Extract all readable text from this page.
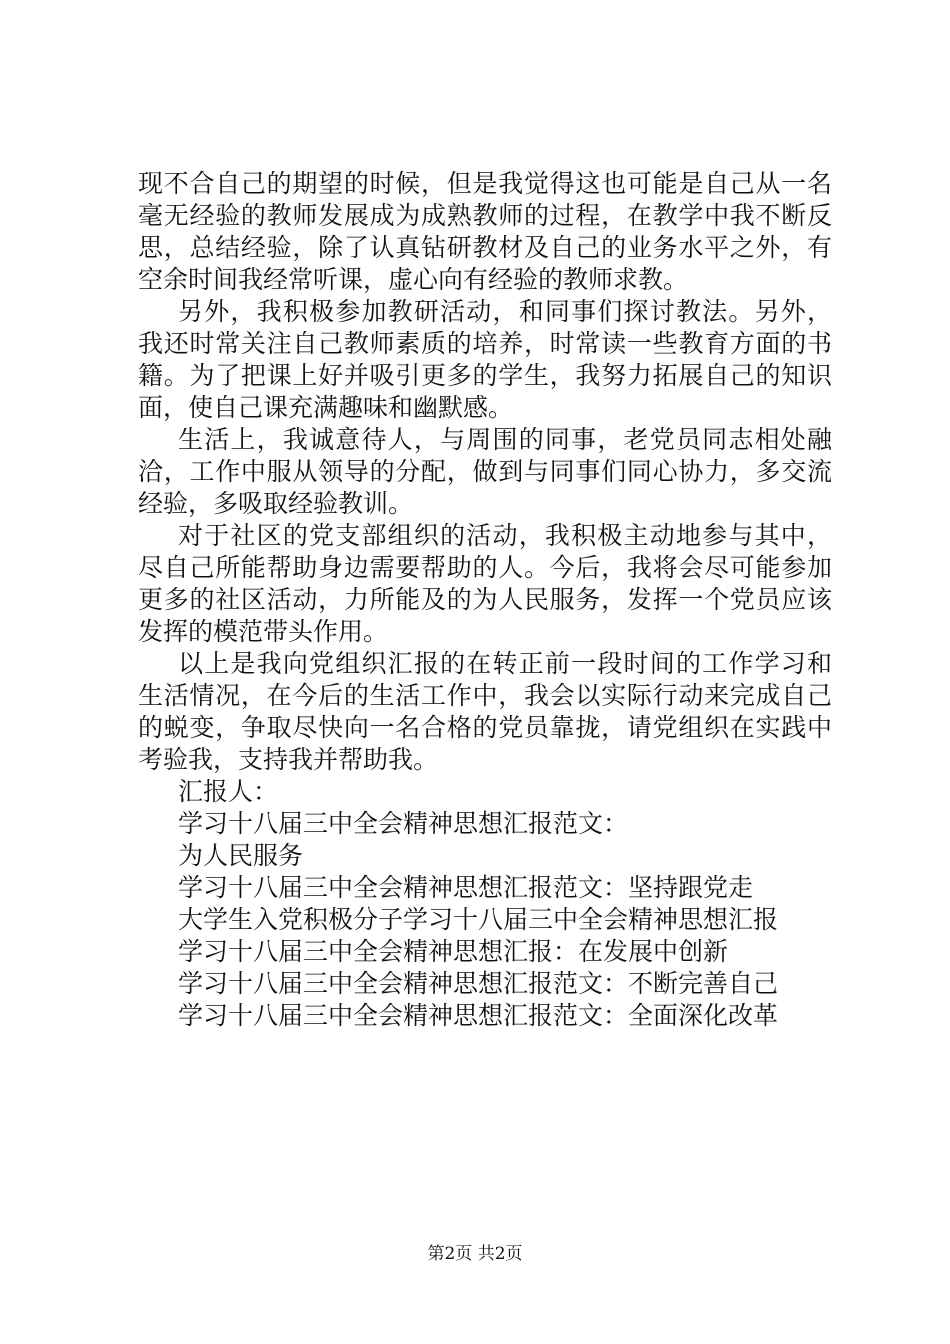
现不合自己的期望的时候，但是我觉得这也可能是自己从一名
毫无经验的教师发展成为成熟教师的过程，在教学中我不断反
思，总结经验，除了认真钻研教材及自己的业务水平之外，有
空余时间我经常听课，虚心向有经验的教师求教。
另外，我积极参加教研活动，和同事们探讨教法。另外，
我还时常关注自己教师素质的培养，时常读一些教育方面的书
籍。为了把课上好并吸引更多的学生，我努力拓展自己的知识
面，使自己课充满趣味和幽默感。
生活上，我诚意待人，与周围的同事，老党员同志相处融
洽，工作中服从领导的分配，做到与同事们同心协力，多交流
经验，多吸取经验教训。
对于社区的党支部组织的活动，我积极主动地参与其中，
尽自己所能帮助身边需要帮助的人。今后，我将会尽可能参加
更多的社区活动，力所能及的为人民服务，发挥一个党员应该
发挥的模范带头作用。
以上是我向党组织汇报的在转正前一段时间的工作学习和
生活情况，在今后的生活工作中，我会以实际行动来完成自己
的蜕变，争取尽快向一名合格的党员靠拢，请党组织在实践中
考验我，支持我并帮助我。
汇报人：
学习十八届三中全会精神思想汇报范文：
为人民服务
学习十八届三中全会精神思想汇报范文：坚持跟党走
大学生入党积极分子学习十八届三中全会精神思想汇报
学习十八届三中全会精神思想汇报：在发展中创新
学习十八届三中全会精神思想汇报范文：不断完善自己
学习十八届三中全会精神思想汇报范文：全面深化改革
第2页 共2页
